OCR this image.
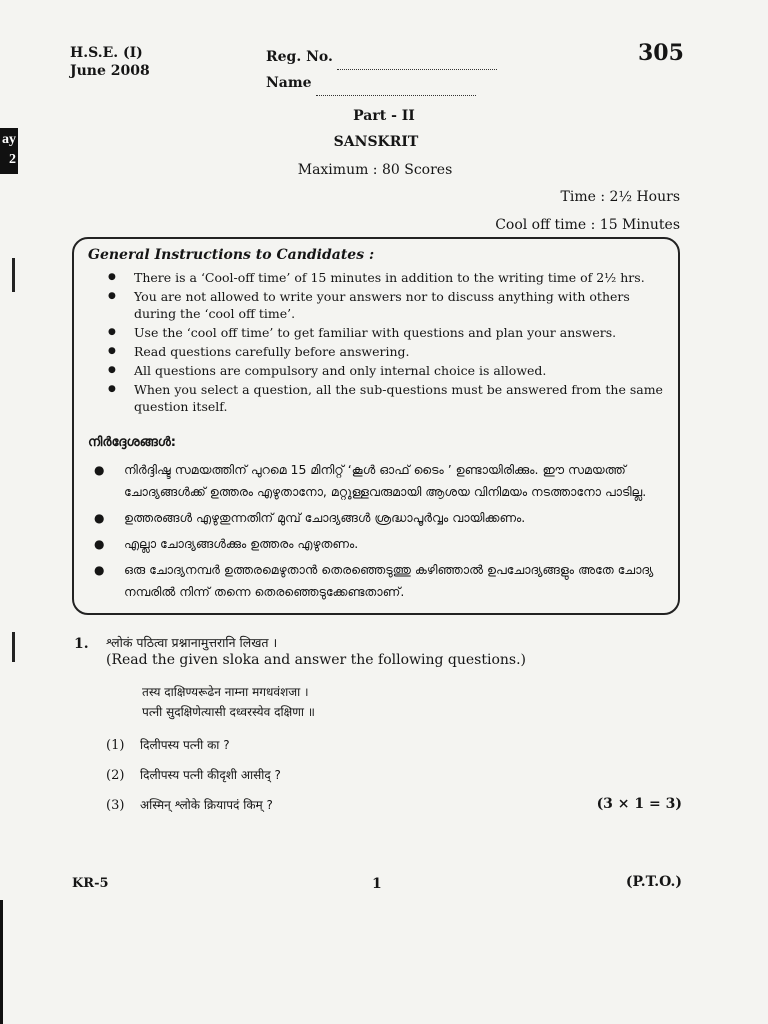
ay
2
H.S.E. (I)
June 2008
Reg. No.
Name
305
Part - II
SANSKRIT
Maximum : 80 Scores
Time : 2½ Hours
Cool off time : 15 Minutes
General Instructions to Candidates :
● There is a ‘Cool-off time’ of 15 minutes in addition to the writing time of 2½ hrs.
● You are not allowed to write your answers nor to discuss anything with others during the ‘cool off time’.
● Use the ‘cool off time’ to get familiar with questions and plan your answers.
● Read questions carefully before answering.
● All questions are compulsory and only internal choice is allowed.
● When you select a question, all the sub-questions must be answered from the same question itself.
നിർദ്ദേശങ്ങൾ:
● നിർദ്ദിഷ്ട സമയത്തിന് പുറമെ 15 മിനിറ്റ് ‘കൂൾ ഓഫ് ടൈം ’ ഉണ്ടായിരിക്കും. ഈ സമയത്ത് ചോദ്യങ്ങൾക്ക് ഉത്തരം എഴുതാനോ, മറ്റുള്ളവരുമായി ആശയ വിനിമയം നടത്താനോ പാടില്ല.
● ഉത്തരങ്ങൾ എഴുതുന്നതിന് മുമ്പ് ചോദ്യങ്ങൾ ശ്രദ്ധാപൂർവ്വം വായിക്കണം.
● എല്ലാ ചോദ്യങ്ങൾക്കും ഉത്തരം എഴുതണം.
● ഒരു ചോദ്യനമ്പർ ഉത്തരമെഴുതാൻ തെരഞ്ഞെടുത്തു കഴിഞ്ഞാൽ ഉപചോദ്യങ്ങളും അതേ ചോദ്യ നമ്പരിൽ നിന്ന് തന്നെ തെരഞ്ഞെടുക്കേണ്ടതാണ്.
1. श्लोकं पठित्वा प्रश्नानामुत्तरानि लिखत ।
(Read the given sloka and answer the following questions.)
तस्य दाक्षिण्यरूढेन नाम्ना मगधवंशजा ।
पत्नी सुदक्षिणेत्यासी दध्वरस्येव दक्षिणा ॥
(1) दिलीपस्य पत्नी का ?
(2) दिलीपस्य पत्नी कीदृशी आसीद् ?
(3) अस्मिन् श्लोके क्रियापदं किम् ?	(3 × 1 = 3)
KR-5	1	(P.T.O.)
